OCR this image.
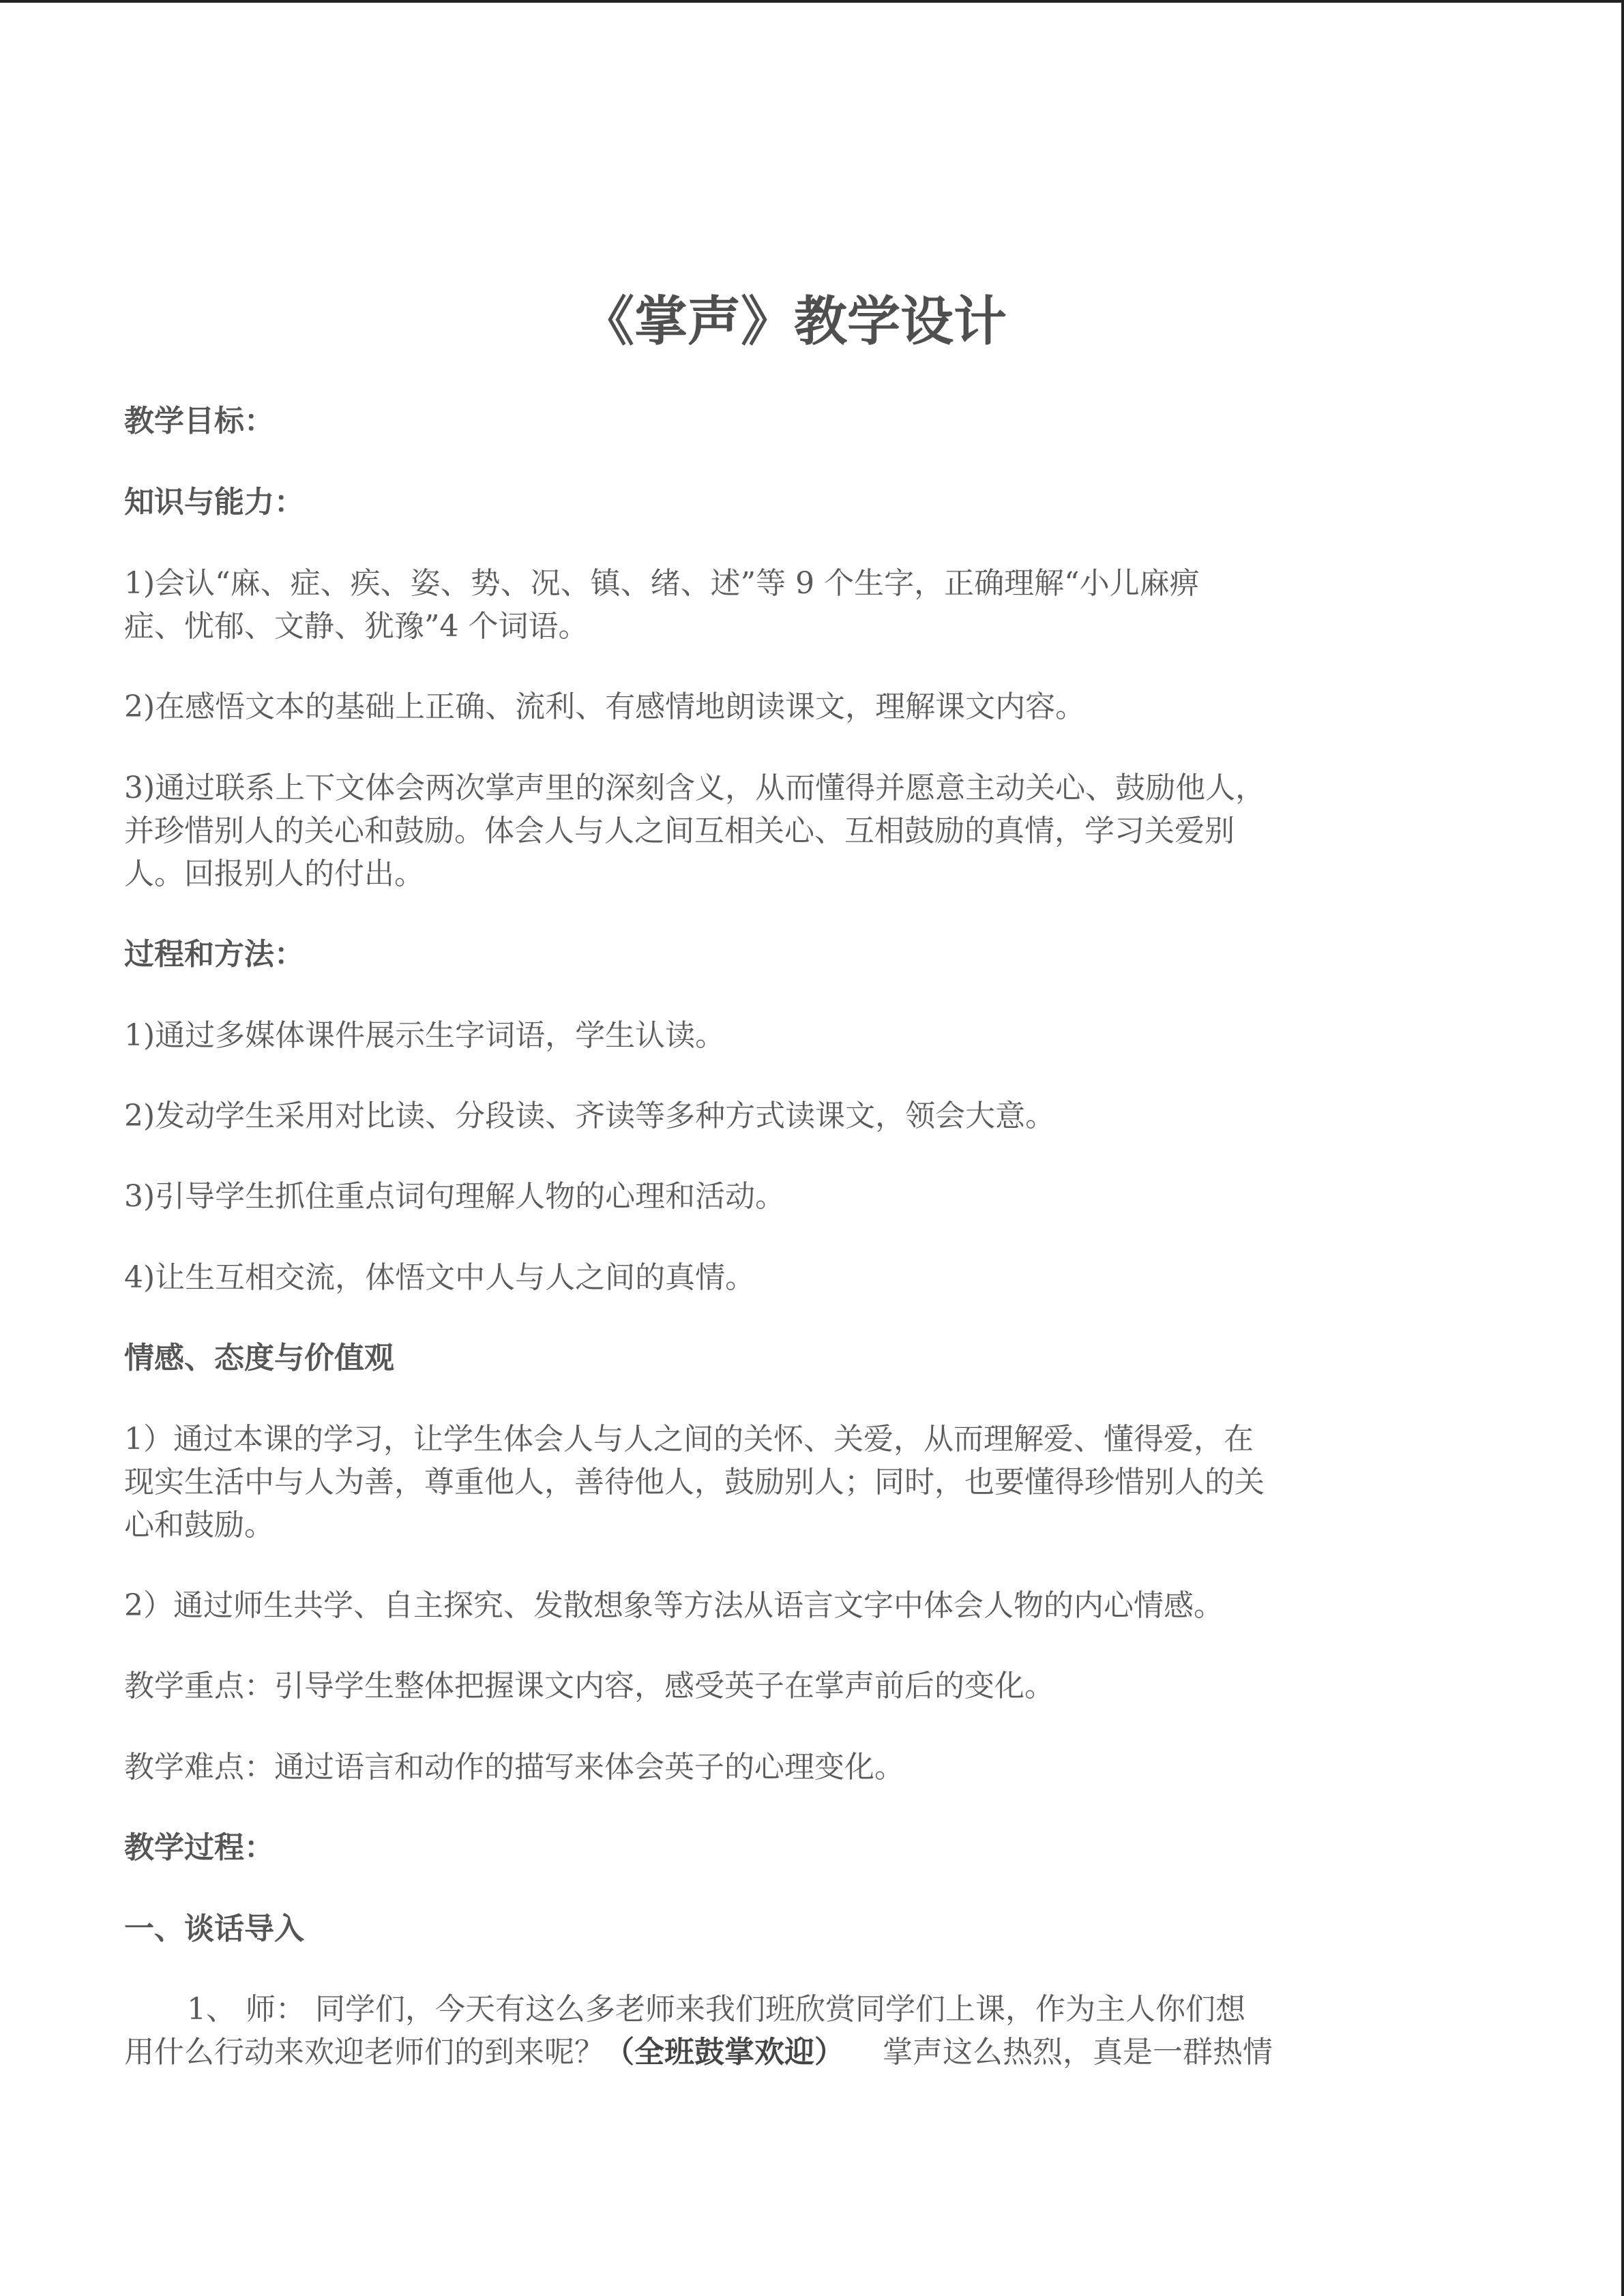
《掌声》教学设计

教学目标：

知识与能力：

1)会认“麻、症、疾、姿、势、况、镇、绪、述”等 9 个生字，正确理解“小儿麻痹
症、忧郁、文静、犹豫”4 个词语。

2)在感悟文本的基础上正确、流利、有感情地朗读课文，理解课文内容。

3)通过联系上下文体会两次掌声里的深刻含义，从而懂得并愿意主动关心、鼓励他人，
并珍惜别人的关心和鼓励。体会人与人之间互相关心、互相鼓励的真情，学习关爱别
人。回报别人的付出。

过程和方法：

1)通过多媒体课件展示生字词语，学生认读。

2)发动学生采用对比读、分段读、齐读等多种方式读课文，领会大意。

3)引导学生抓住重点词句理解人物的心理和活动。

4)让生互相交流，体悟文中人与人之间的真情。

情感、态度与价值观

1）通过本课的学习，让学生体会人与人之间的关怀、关爱，从而理解爱、懂得爱，在
现实生活中与人为善，尊重他人，善待他人，鼓励别人；同时，也要懂得珍惜别人的关
心和鼓励。

2）通过师生共学、自主探究、发散想象等方法从语言文字中体会人物的内心情感。

教学重点：引导学生整体把握课文内容，感受英子在掌声前后的变化。

教学难点：通过语言和动作的描写来体会英子的心理变化。

教学过程：

一、谈话导入

1、 师： 同学们，今天有这么多老师来我们班欣赏同学们上课，作为主人你们想
用什么行动来欢迎老师们的到来呢？（全班鼓掌欢迎）    掌声这么热烈，真是一群热情
